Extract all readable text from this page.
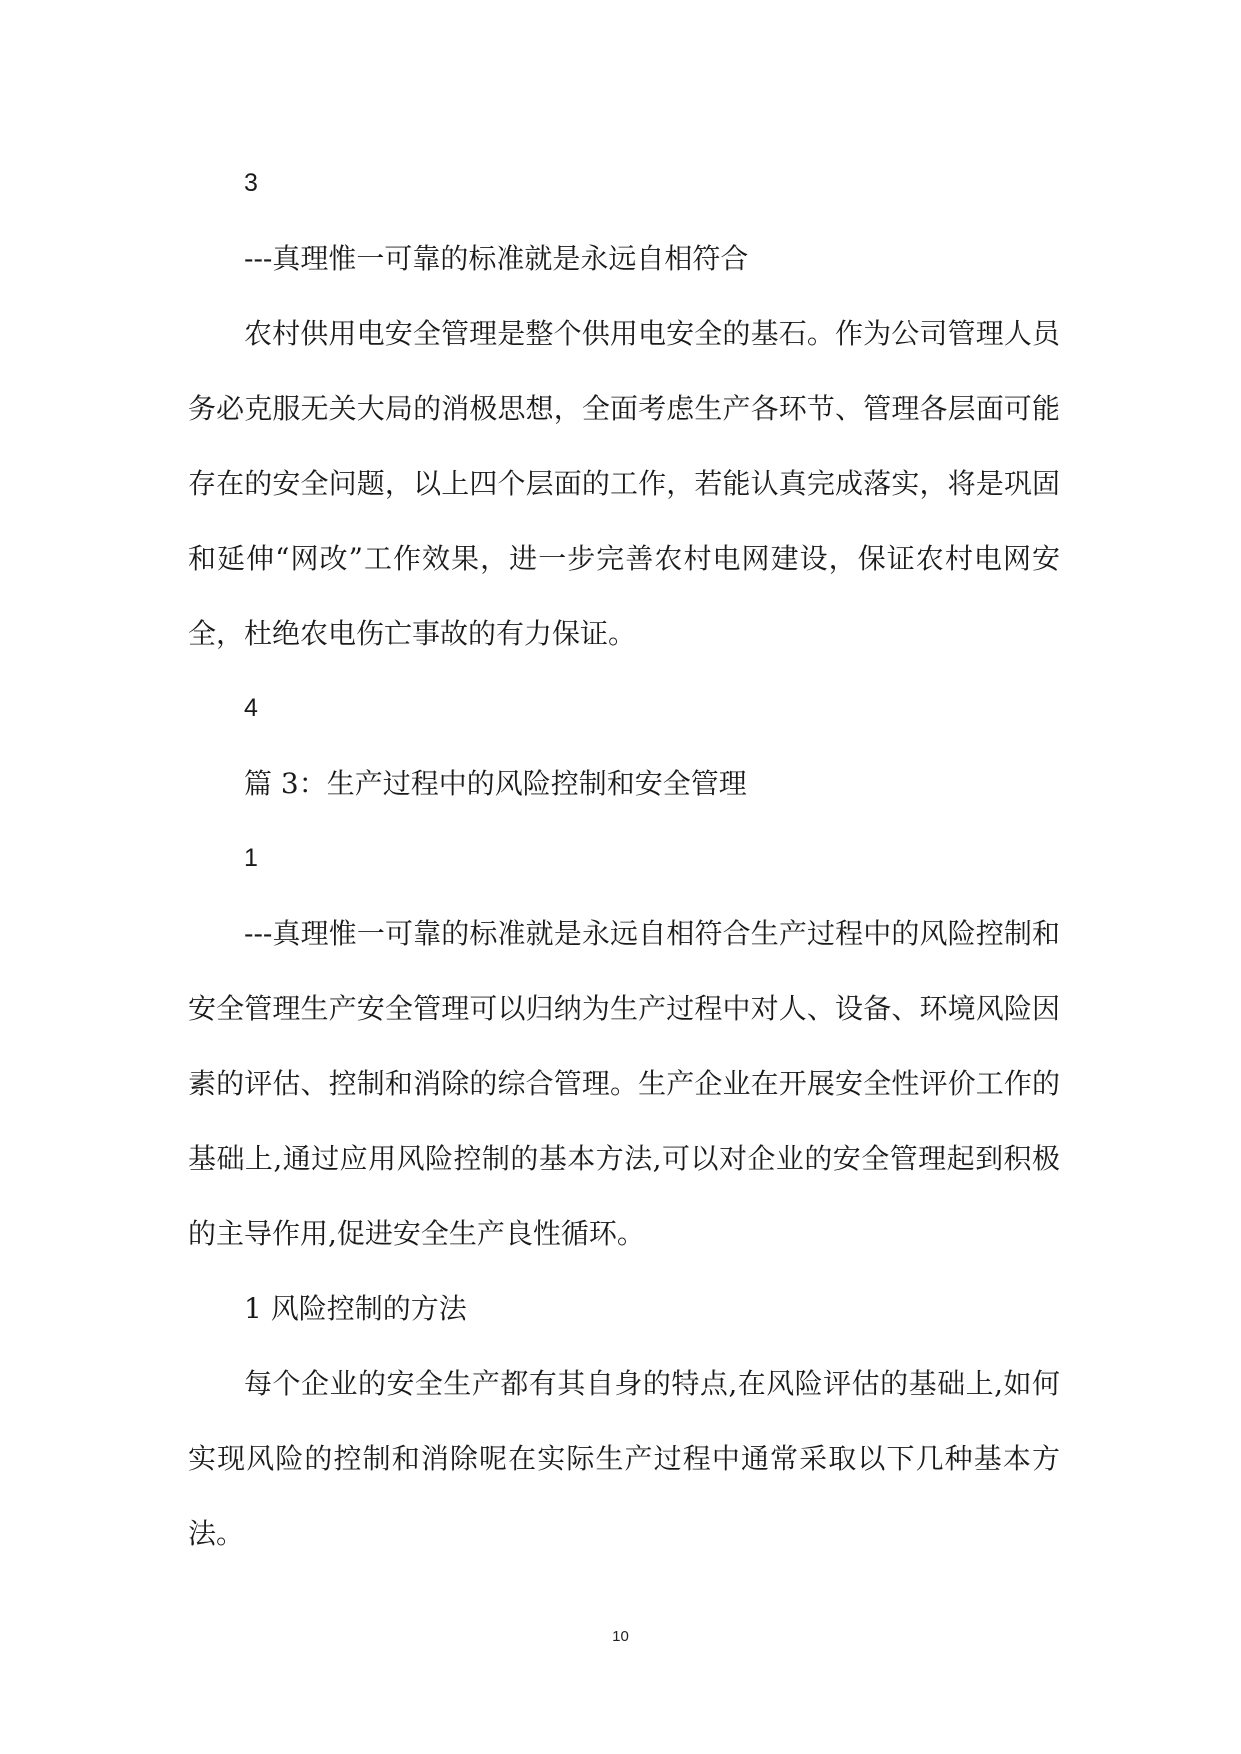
3

---真理惟一可靠的标准就是永远自相符合

农村供用电安全管理是整个供用电安全的基石。作为公司管理人员务必克服无关大局的消极思想，全面考虑生产各环节、管理各层面可能存在的安全问题，以上四个层面的工作，若能认真完成落实，将是巩固和延伸“网改”工作效果，进一步完善农村电网建设，保证农村电网安全，杜绝农电伤亡事故的有力保证。

4

篇 3：生产过程中的风险控制和安全管理

1

---真理惟一可靠的标准就是永远自相符合生产过程中的风险控制和安全管理生产安全管理可以归纳为生产过程中对人、设备、环境风险因素的评估、控制和消除的综合管理。生产企业在开展安全性评价工作的基础上,通过应用风险控制的基本方法,可以对企业的安全管理起到积极的主导作用,促进安全生产良性循环。

1 风险控制的方法

每个企业的安全生产都有其自身的特点,在风险评估的基础上,如何实现风险的控制和消除呢在实际生产过程中通常采取以下几种基本方法。

10
